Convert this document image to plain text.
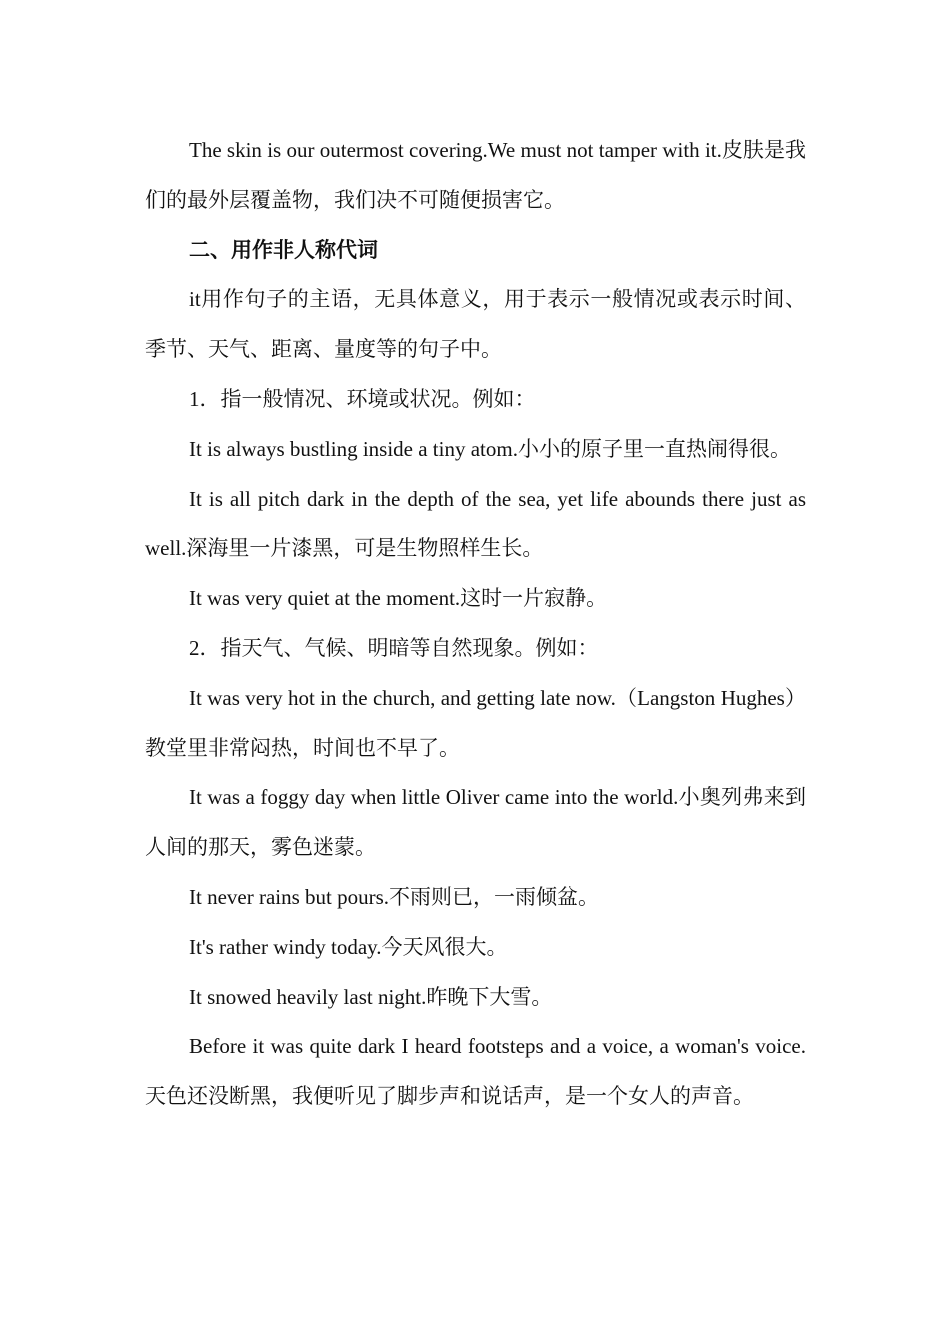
The skin is our outermost covering.We must not tamper with it.皮肤是我们的最外层覆盖物，我们决不可随便损害它。

二、用作非人称代词

it用作句子的主语，无具体意义，用于表示一般情况或表示时间、季节、天气、距离、量度等的句子中。

1．指一般情况、环境或状况。例如：

It is always bustling inside a tiny atom.小小的原子里一直热闹得很。

It is all pitch dark in the depth of the sea, yet life abounds there just as well.深海里一片漆黑，可是生物照样生长。

It was very quiet at the moment.这时一片寂静。

2．指天气、气候、明暗等自然现象。例如：

It was very hot in the church, and getting late now.（Langston Hughes）教堂里非常闷热，时间也不早了。

It was a foggy day when little Oliver came into the world.小奥列弗来到人间的那天，雾色迷蒙。

It never rains but pours.不雨则已，一雨倾盆。

It's rather windy today.今天风很大。

It snowed heavily last night.昨晚下大雪。

Before it was quite dark I heard footsteps and a voice, a woman's voice.天色还没断黑，我便听见了脚步声和说话声，是一个女人的声音。
